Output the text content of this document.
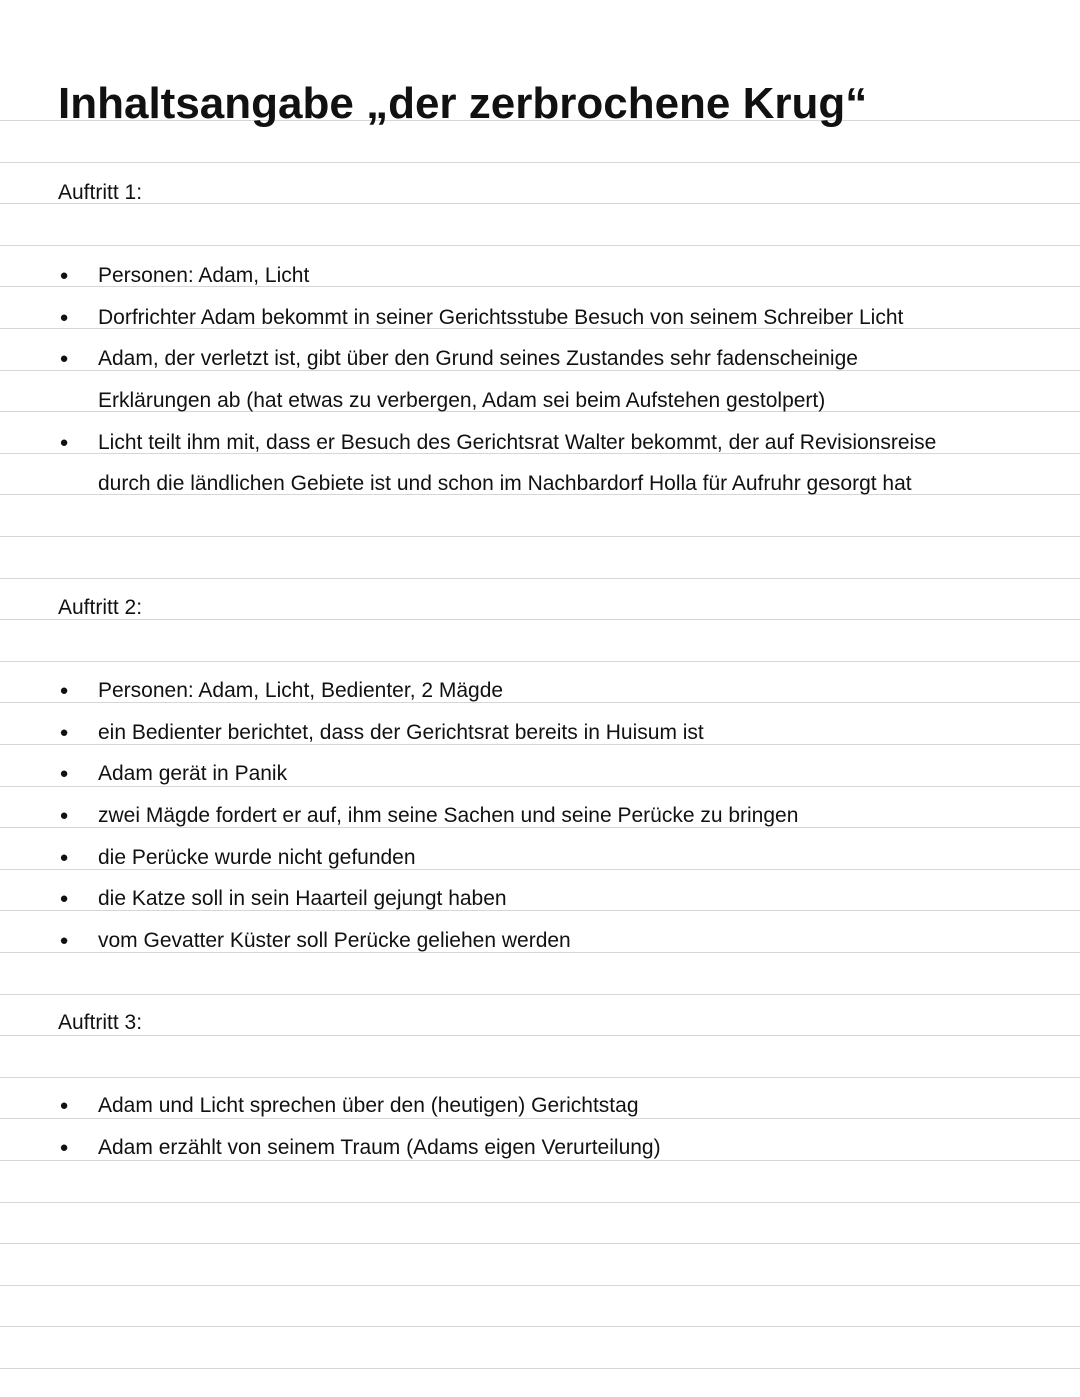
Inhaltsangabe „der zerbrochene Krug“
Auftritt 1:
● Personen: Adam, Licht
● Dorfrichter Adam bekommt in seiner Gerichtsstube Besuch von seinem Schreiber Licht
● Adam, der verletzt ist, gibt über den Grund seines Zustandes sehr fadenscheinige Erklärungen ab (hat etwas zu verbergen, Adam sei beim Aufstehen gestolpert)
● Licht teilt ihm mit, dass er Besuch des Gerichtsrat Walter bekommt, der auf Revisionsreise durch die ländlichen Gebiete ist und schon im Nachbardorf Holla für Aufruhr gesorgt hat
Auftritt 2:
● Personen: Adam, Licht, Bedienter, 2 Mägde
● ein Bedienter berichtet, dass der Gerichtsrat bereits in Huisum ist
● Adam gerät in Panik
● zwei Mägde fordert er auf, ihm seine Sachen und seine Perücke zu bringen
● die Perücke wurde nicht gefunden
● die Katze soll in sein Haarteil gejungt haben
● vom Gevatter Küster soll Perücke geliehen werden
Auftritt 3:
● Adam und Licht sprechen über den (heutigen) Gerichtstag
● Adam erzählt von seinem Traum (Adams eigen Verurteilung)
